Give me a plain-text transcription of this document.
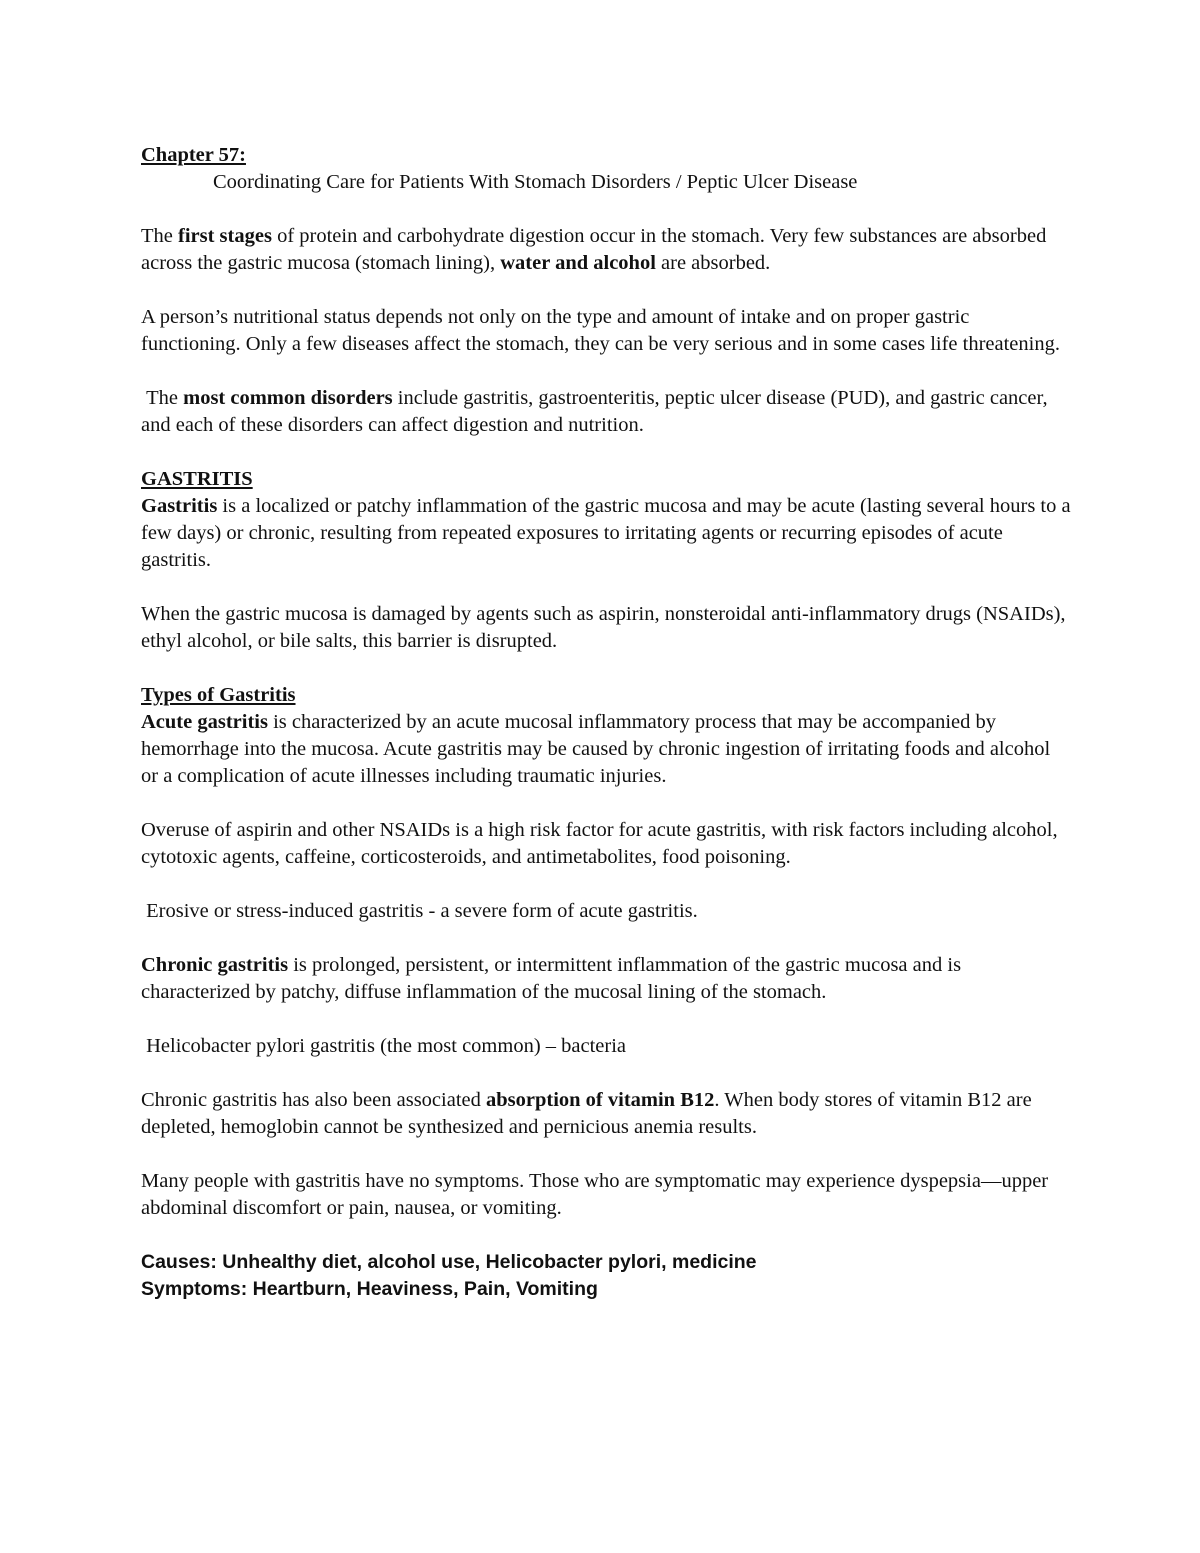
Chapter 57:

Coordinating Care for Patients With Stomach Disorders / Peptic Ulcer Disease

The first stages of protein and carbohydrate digestion occur in the stomach. Very few substances are absorbed across the gastric mucosa (stomach lining), water and alcohol are absorbed.

A person’s nutritional status depends not only on the type and amount of intake and on proper gastric functioning. Only a few diseases affect the stomach, they can be very serious and in some cases life threatening.

The most common disorders include gastritis, gastroenteritis, peptic ulcer disease (PUD), and gastric cancer, and each of these disorders can affect digestion and nutrition.

GASTRITIS

Gastritis is a localized or patchy inflammation of the gastric mucosa and may be acute (lasting several hours to a few days) or chronic, resulting from repeated exposures to irritating agents or recurring episodes of acute gastritis.

When the gastric mucosa is damaged by agents such as aspirin, nonsteroidal anti-inflammatory drugs (NSAIDs), ethyl alcohol, or bile salts, this barrier is disrupted.

Types of Gastritis

Acute gastritis is characterized by an acute mucosal inflammatory process that may be accompanied by hemorrhage into the mucosa. Acute gastritis may be caused by chronic ingestion of irritating foods and alcohol or a complication of acute illnesses including traumatic injuries.

Overuse of aspirin and other NSAIDs is a high risk factor for acute gastritis, with risk factors including alcohol, cytotoxic agents, caffeine, corticosteroids, and antimetabolites, food poisoning.

Erosive or stress-induced gastritis - a severe form of acute gastritis.

Chronic gastritis is prolonged, persistent, or intermittent inflammation of the gastric mucosa and is characterized by patchy, diffuse inflammation of the mucosal lining of the stomach.

Helicobacter pylori gastritis (the most common) – bacteria

Chronic gastritis has also been associated absorption of vitamin B12. When body stores of vitamin B12 are depleted, hemoglobin cannot be synthesized and pernicious anemia results.

Many people with gastritis have no symptoms. Those who are symptomatic may experience dyspepsia—upper abdominal discomfort or pain, nausea, or vomiting.

Causes: Unhealthy diet, alcohol use, Helicobacter pylori, medicine

Symptoms: Heartburn, Heaviness, Pain, Vomiting
